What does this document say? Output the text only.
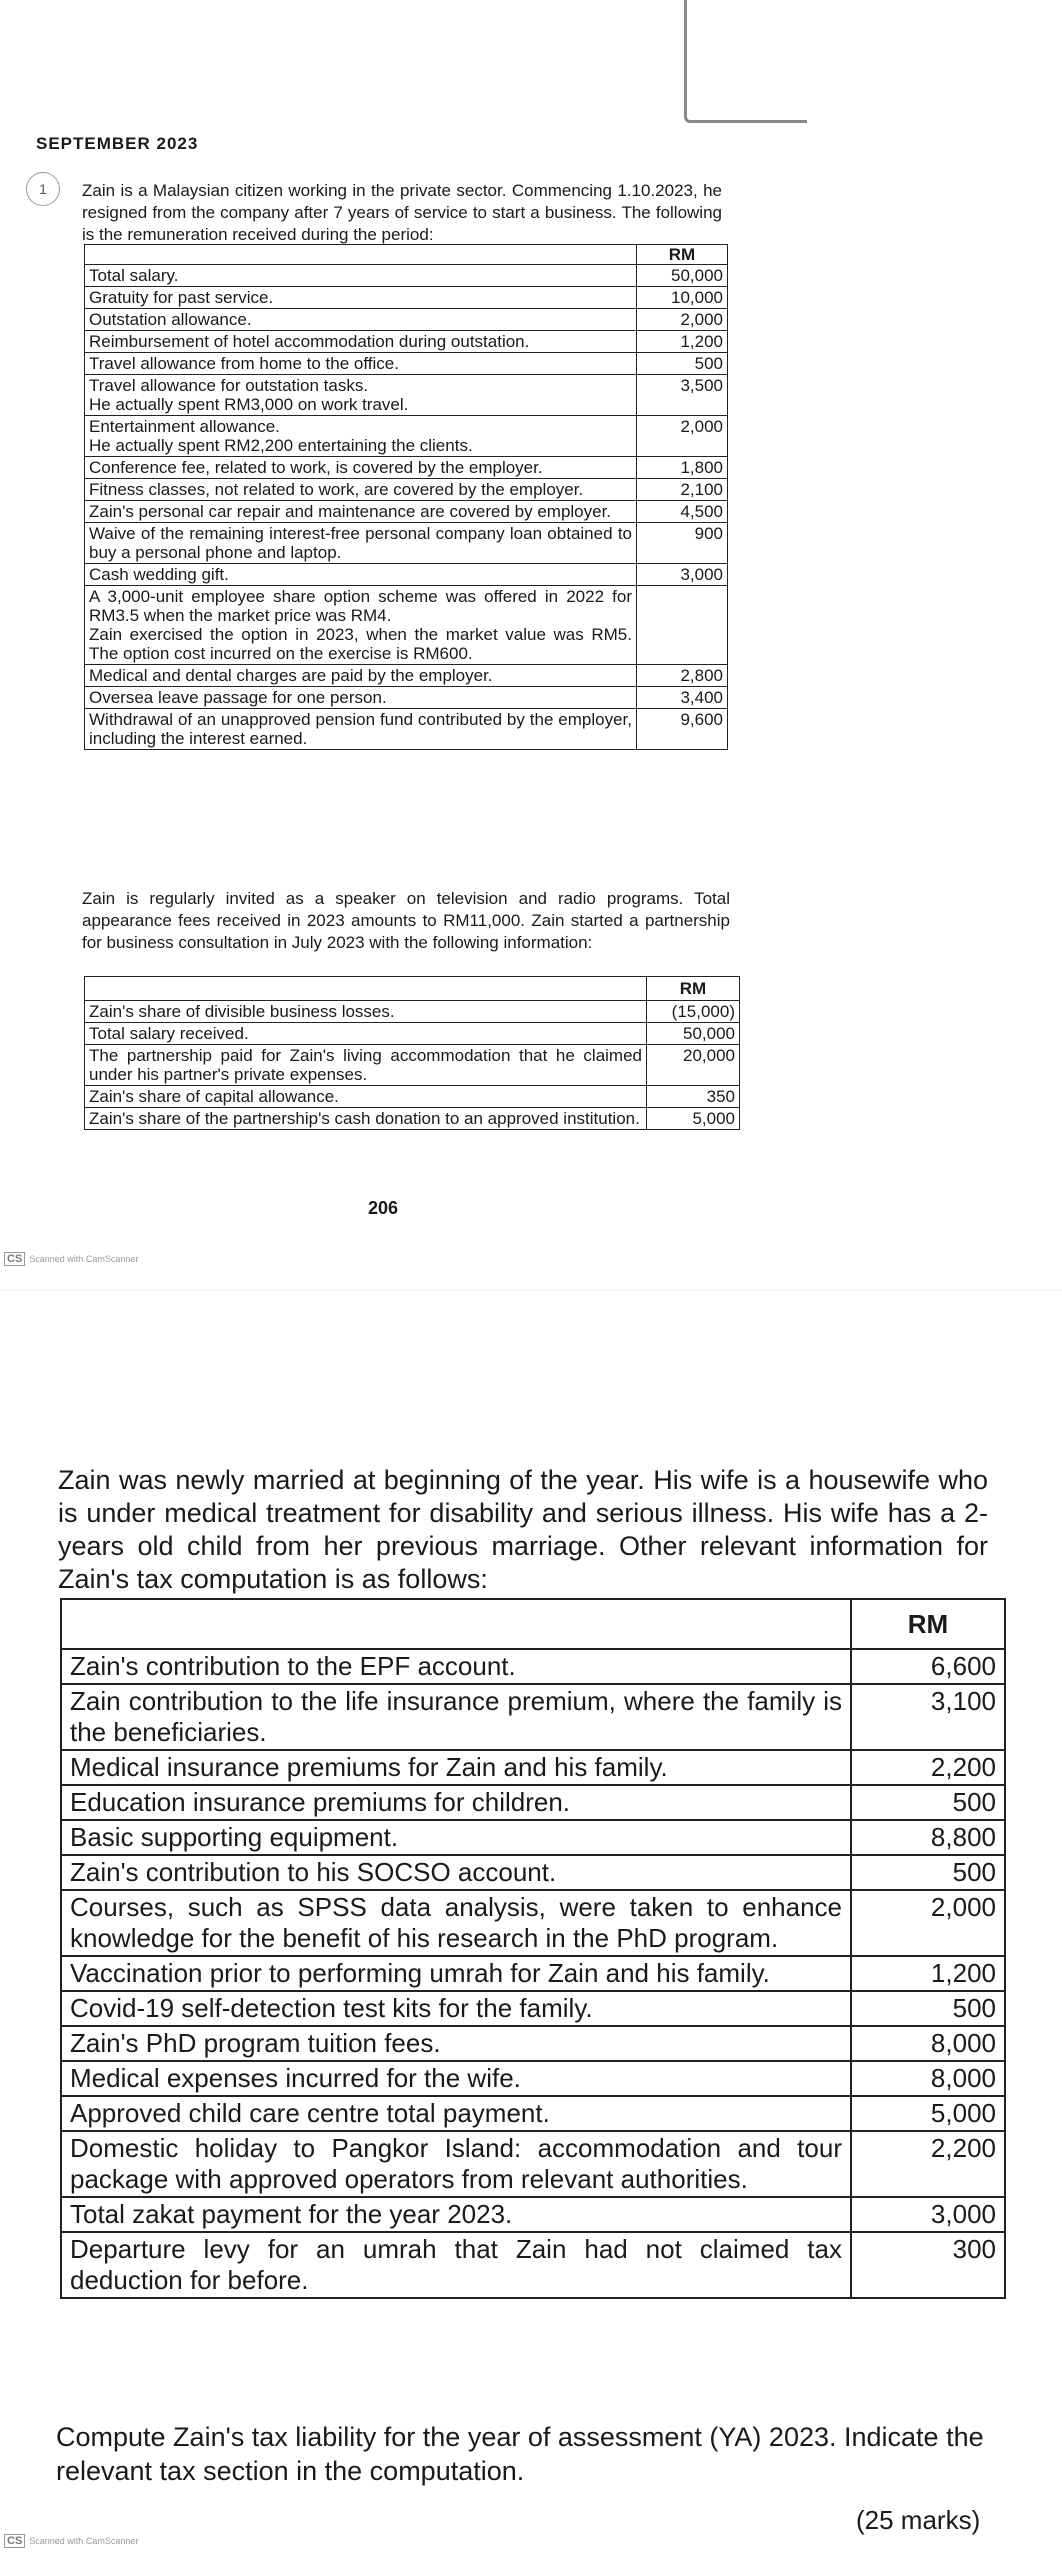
SEPTEMBER 2023
1	Zain is a Malaysian citizen working in the private sector. Commencing 1.10.2023, he resigned from the company after 7 years of service to start a business. The following is the remuneration received during the period:
	RM
Total salary.	50,000
Gratuity for past service.	10,000
Outstation allowance.	2,000
Reimbursement of hotel accommodation during outstation.	1,200
Travel allowance from home to the office.	500
Travel allowance for outstation tasks.
He actually spent RM3,000 on work travel.	3,500
Entertainment allowance.
He actually spent RM2,200 entertaining the clients.	2,000
Conference fee, related to work, is covered by the employer.	1,800
Fitness classes, not related to work, are covered by the employer.	2,100
Zain's personal car repair and maintenance are covered by employer.	4,500
Waive of the remaining interest-free personal company loan obtained to buy a personal phone and laptop.	900
Cash wedding gift.	3,000
A 3,000-unit employee share option scheme was offered in 2022 for RM3.5 when the market price was RM4.
Zain exercised the option in 2023, when the market value was RM5. The option cost incurred on the exercise is RM600.	
Medical and dental charges are paid by the employer.	2,800
Oversea leave passage for one person.	3,400
Withdrawal of an unapproved pension fund contributed by the employer, including the interest earned.	9,600
Zain is regularly invited as a speaker on television and radio programs. Total appearance fees received in 2023 amounts to RM11,000. Zain started a partnership for business consultation in July 2023 with the following information:
	RM
Zain's share of divisible business losses.	(15,000)
Total salary received.	50,000
The partnership paid for Zain's living accommodation that he claimed under his partner's private expenses.	20,000
Zain's share of capital allowance.	350
Zain's share of the partnership's cash donation to an approved institution.	5,000
206
CS Scanned with CamScanner
Zain was newly married at beginning of the year. His wife is a housewife who is under medical treatment for disability and serious illness. His wife has a 2-years old child from her previous marriage. Other relevant information for Zain's tax computation is as follows:
	RM
Zain's contribution to the EPF account.	6,600
Zain contribution to the life insurance premium, where the family is the beneficiaries.	3,100
Medical insurance premiums for Zain and his family.	2,200
Education insurance premiums for children.	500
Basic supporting equipment.	8,800
Zain's contribution to his SOCSO account.	500
Courses, such as SPSS data analysis, were taken to enhance knowledge for the benefit of his research in the PhD program.	2,000
Vaccination prior to performing umrah for Zain and his family.	1,200
Covid-19 self-detection test kits for the family.	500
Zain's PhD program tuition fees.	8,000
Medical expenses incurred for the wife.	8,000
Approved child care centre total payment.	5,000
Domestic holiday to Pangkor Island: accommodation and tour package with approved operators from relevant authorities.	2,200
Total zakat payment for the year 2023.	3,000
Departure levy for an umrah that Zain had not claimed tax deduction for before.	300
Compute Zain's tax liability for the year of assessment (YA) 2023. Indicate the relevant tax section in the computation.
(25 marks)
CS Scanned with CamScanner
